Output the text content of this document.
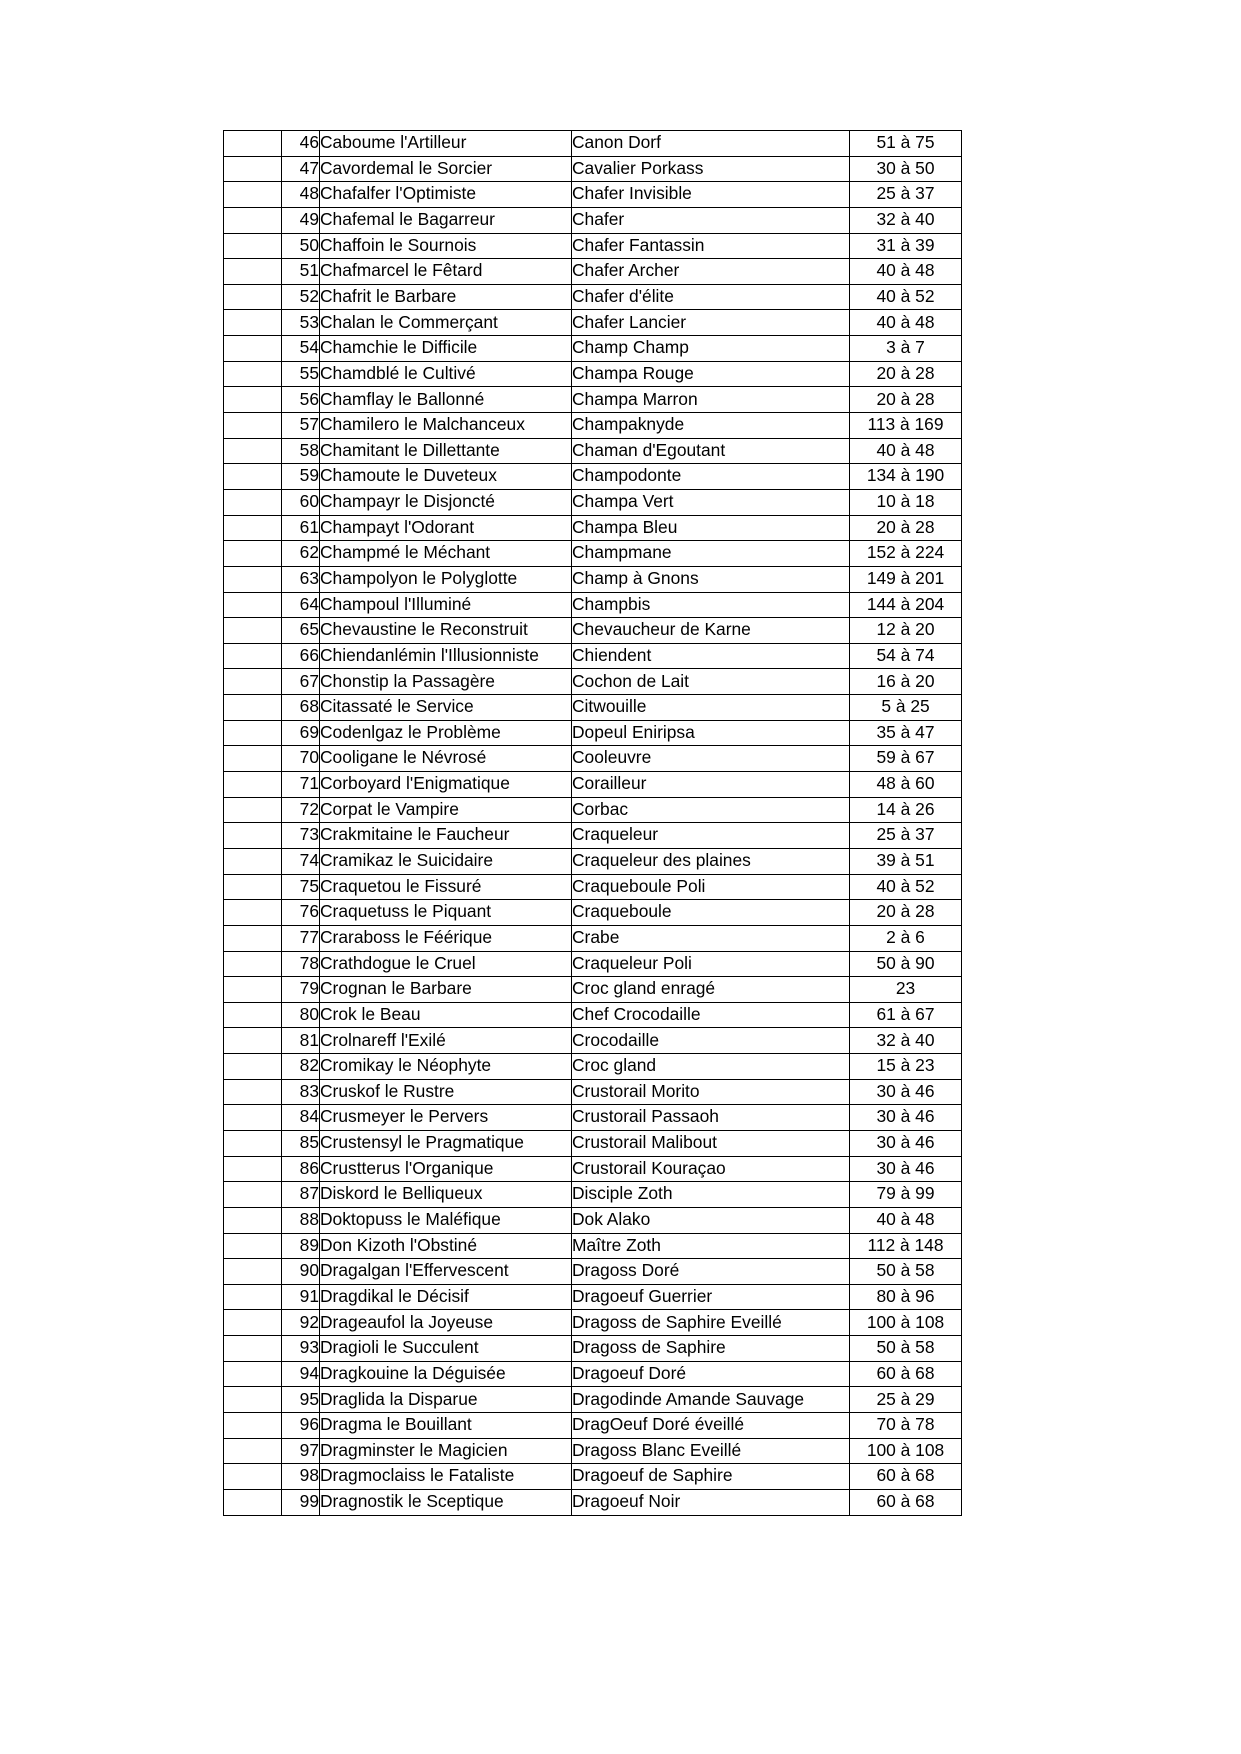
	46	Caboume l'Artilleur	Canon Dorf	51 à 75
	47	Cavordemal le Sorcier	Cavalier Porkass	30 à 50
	48	Chafalfer l'Optimiste	Chafer Invisible	25 à 37
	49	Chafemal le Bagarreur	Chafer	32 à 40
	50	Chaffoin le Sournois	Chafer Fantassin	31 à 39
	51	Chafmarcel le Fêtard	Chafer Archer	40 à 48
	52	Chafrit le Barbare	Chafer d'élite	40 à 52
	53	Chalan le Commerçant	Chafer Lancier	40 à 48
	54	Chamchie le Difficile	Champ Champ	3 à 7
	55	Chamdblé le Cultivé	Champa Rouge	20 à 28
	56	Chamflay le Ballonné	Champa Marron	20 à 28
	57	Chamilero le Malchanceux	Champaknyde	113 à 169
	58	Chamitant le Dillettante	Chaman d'Egoutant	40 à 48
	59	Chamoute le Duveteux	Champodonte	134 à 190
	60	Champayr le Disjoncté	Champa Vert	10 à 18
	61	Champayt l'Odorant	Champa Bleu	20 à 28
	62	Champmé le Méchant	Champmane	152 à 224
	63	Champolyon le Polyglotte	Champ à Gnons	149 à 201
	64	Champoul l'Illuminé	Champbis	144 à 204
	65	Chevaustine le Reconstruit	Chevaucheur de Karne	12 à 20
	66	Chiendanlémin l'Illusionniste	Chiendent	54 à 74
	67	Chonstip la Passagère	Cochon de Lait	16 à 20
	68	Citassaté le Service	Citwouille	5 à 25
	69	Codenlgaz le Problème	Dopeul Eniripsa	35 à 47
	70	Cooligane le Névrosé	Cooleuvre	59 à 67
	71	Corboyard l'Enigmatique	Corailleur	48 à 60
	72	Corpat le Vampire	Corbac	14 à 26
	73	Crakmitaine le Faucheur	Craqueleur	25 à 37
	74	Cramikaz le Suicidaire	Craqueleur des plaines	39 à 51
	75	Craquetou le Fissuré	Craqueboule Poli	40 à 52
	76	Craquetuss le Piquant	Craqueboule	20 à 28
	77	Craraboss le Féérique	Crabe	2 à 6
	78	Crathdogue le Cruel	Craqueleur Poli	50 à 90
	79	Crognan le Barbare	Croc gland enragé	23
	80	Crok le Beau	Chef Crocodaille	61 à 67
	81	Crolnareff l'Exilé	Crocodaille	32 à 40
	82	Cromikay le Néophyte	Croc gland	15 à 23
	83	Cruskof le Rustre	Crustorail Morito	30 à 46
	84	Crusmeyer le Pervers	Crustorail Passaoh	30 à 46
	85	Crustensyl le Pragmatique	Crustorail Malibout	30 à 46
	86	Crustterus l'Organique	Crustorail Kouraçao	30 à 46
	87	Diskord le Belliqueux	Disciple Zoth	79 à 99
	88	Doktopuss le Maléfique	Dok Alako	40 à 48
	89	Don Kizoth l'Obstiné	Maître Zoth	112 à 148
	90	Dragalgan l'Effervescent	Dragoss Doré	50 à 58
	91	Dragdikal le Décisif	Dragoeuf Guerrier	80 à 96
	92	Drageaufol la Joyeuse	Dragoss de Saphire Eveillé	100 à 108
	93	Dragioli le Succulent	Dragoss de Saphire	50 à 58
	94	Dragkouine la Déguisée	Dragoeuf Doré	60 à 68
	95	Draglida la Disparue	Dragodinde Amande Sauvage	25 à 29
	96	Dragma le Bouillant	DragOeuf Doré éveillé	70 à 78
	97	Dragminster le Magicien	Dragoss Blanc Eveillé	100 à 108
	98	Dragmoclaiss le Fataliste	Dragoeuf de Saphire	60 à 68
	99	Dragnostik le Sceptique	Dragoeuf Noir	60 à 68
